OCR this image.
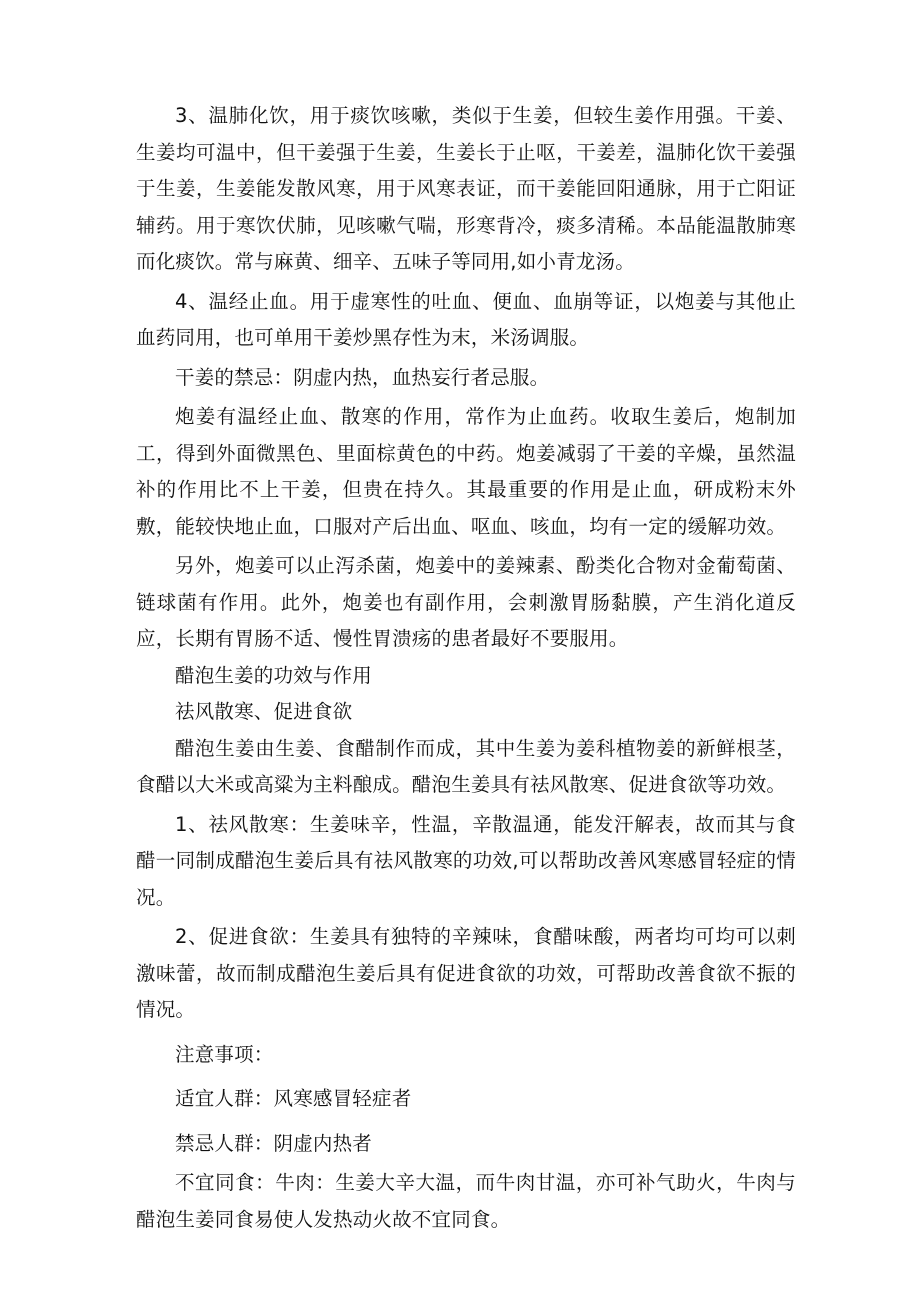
3、温肺化饮，用于痰饮咳嗽，类似于生姜，但较生姜作用强。干姜、生姜均可温中，但干姜强于生姜，生姜长于止呕，干姜差，温肺化饮干姜强于生姜，生姜能发散风寒，用于风寒表证，而干姜能回阳通脉，用于亡阳证辅药。用于寒饮伏肺，见咳嗽气喘，形寒背冷，痰多清稀。本品能温散肺寒而化痰饮。常与麻黄、细辛、五味子等同用,如小青龙汤。

4、温经止血。用于虚寒性的吐血、便血、血崩等证，以炮姜与其他止血药同用，也可单用干姜炒黑存性为末，米汤调服。

干姜的禁忌：阴虚内热，血热妄行者忌服。

炮姜有温经止血、散寒的作用，常作为止血药。收取生姜后，炮制加工，得到外面微黑色、里面棕黄色的中药。炮姜减弱了干姜的辛燥，虽然温补的作用比不上干姜，但贵在持久。其最重要的作用是止血，研成粉末外敷，能较快地止血，口服对产后出血、呕血、咳血，均有一定的缓解功效。

另外，炮姜可以止泻杀菌，炮姜中的姜辣素、酚类化合物对金葡萄菌、链球菌有作用。此外，炮姜也有副作用，会刺激胃肠黏膜，产生消化道反应，长期有胃肠不适、慢性胃溃疡的患者最好不要服用。

醋泡生姜的功效与作用

祛风散寒、促进食欲

醋泡生姜由生姜、食醋制作而成，其中生姜为姜科植物姜的新鲜根茎，食醋以大米或高粱为主料酿成。醋泡生姜具有祛风散寒、促进食欲等功效。

1、祛风散寒：生姜味辛，性温，辛散温通，能发汗解表，故而其与食醋一同制成醋泡生姜后具有祛风散寒的功效,可以帮助改善风寒感冒轻症的情况。

2、促进食欲：生姜具有独特的辛辣味，食醋味酸，两者均可均可以刺激味蕾，故而制成醋泡生姜后具有促进食欲的功效，可帮助改善食欲不振的情况。

注意事项：

适宜人群：风寒感冒轻症者

禁忌人群：阴虚内热者

不宜同食：牛肉：生姜大辛大温，而牛肉甘温，亦可补气助火，牛肉与醋泡生姜同食易使人发热动火故不宜同食。
